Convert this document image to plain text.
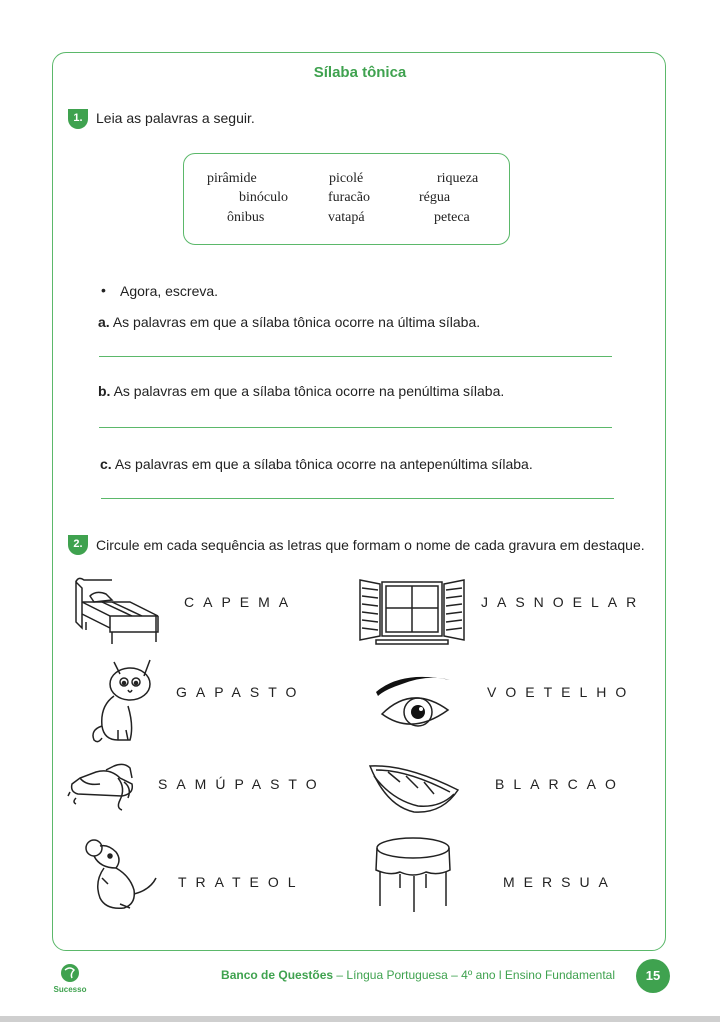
Sílaba tônica
1. Leia as palavras a seguir.
pirâmide	picolé	riqueza
binóculo	furacão	régua
ônibus	vatapá	peteca
• Agora, escreva.
a. As palavras em que a sílaba tônica ocorre na última sílaba.
b. As palavras em que a sílaba tônica ocorre na penúltima sílaba.
c. As palavras em que a sílaba tônica ocorre na antepenúltima sílaba.
2. Circule em cada sequência as letras que formam o nome de cada gravura em destaque.
CAPEMA	JASNOELAR
GAPASTO	VOETELHO
SAMÚPASTO	BLARCAO
TRATEOL	MERSUA
Sucesso
Banco de Questões – Língua Portuguesa – 4º ano l Ensino Fundamental	15
